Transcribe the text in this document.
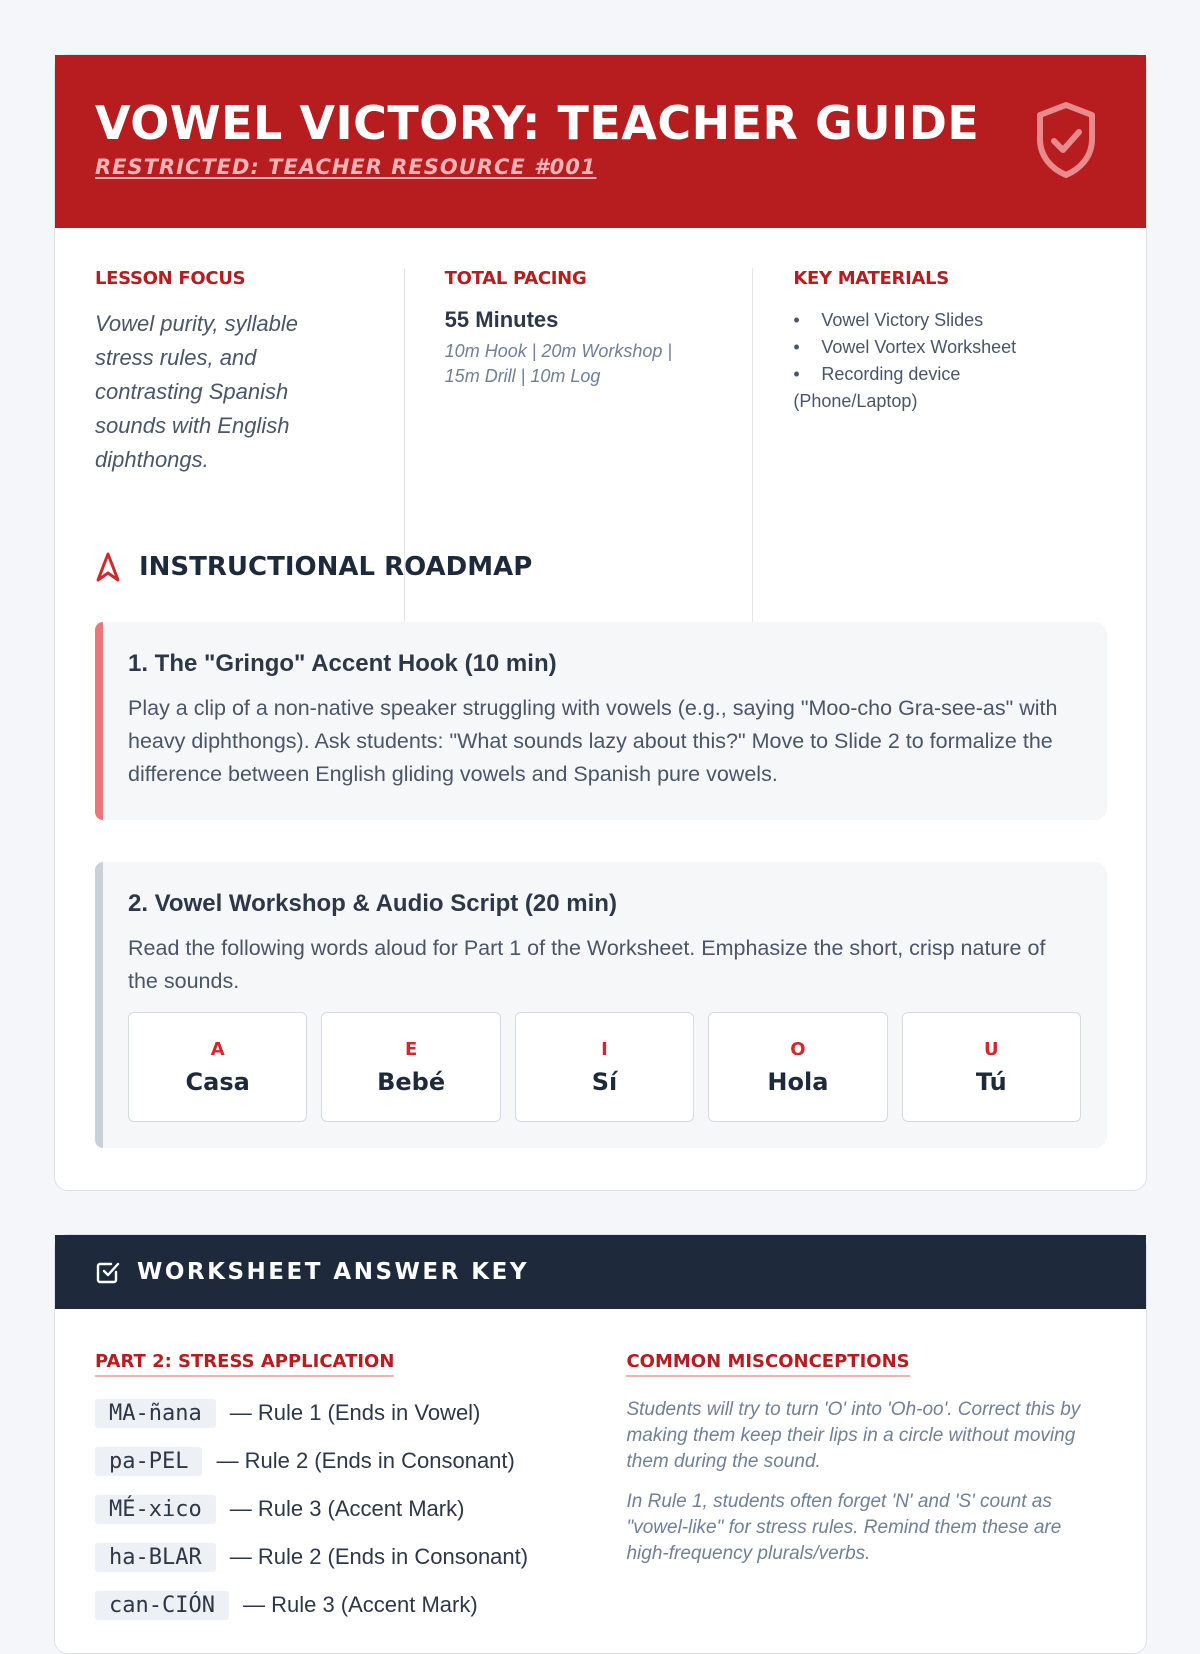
VOWEL VICTORY: TEACHER GUIDE
RESTRICTED: TEACHER RESOURCE #001
LESSON FOCUS
Vowel purity, syllable stress rules, and contrasting Spanish sounds with English diphthongs.
TOTAL PACING
55 Minutes
10m Hook | 20m Workshop | 15m Drill | 10m Log
KEY MATERIALS
• Vowel Victory Slides
• Vowel Vortex Worksheet
• Recording device
(Phone/Laptop)
INSTRUCTIONAL ROADMAP
1. The "Gringo" Accent Hook (10 min)

Play a clip of a non-native speaker struggling with vowels (e.g., saying "Moo-cho Gra-see-as" with heavy diphthongs). Ask students: "What sounds lazy about this?" Move to Slide 2 to formalize the difference between English gliding vowels and Spanish pure vowels.

2. Vowel Workshop & Audio Script (20 min)

Read the following words aloud for Part 1 of the Worksheet. Emphasize the short, crisp nature of the sounds.

A
Casa
E
Bebé
I
Sí
O
Hola
U
Tú
WORKSHEET ANSWER KEY
PART 2: STRESS APPLICATION
MA-ñana	— Rule 1 (Ends in Vowel)
pa-PEL	— Rule 2 (Ends in Consonant)
MÉ-xico	— Rule 3 (Accent Mark)
ha-BLAR	— Rule 2 (Ends in Consonant)
can-CIÓN	— Rule 3 (Accent Mark)
COMMON MISCONCEPTIONS

Students will try to turn 'O' into 'Oh-oo'. Correct this by making them keep their lips in a circle without moving them during the sound.

In Rule 1, students often forget 'N' and 'S' count as "vowel-like" for stress rules. Remind them these are high-frequency plurals/verbs.
